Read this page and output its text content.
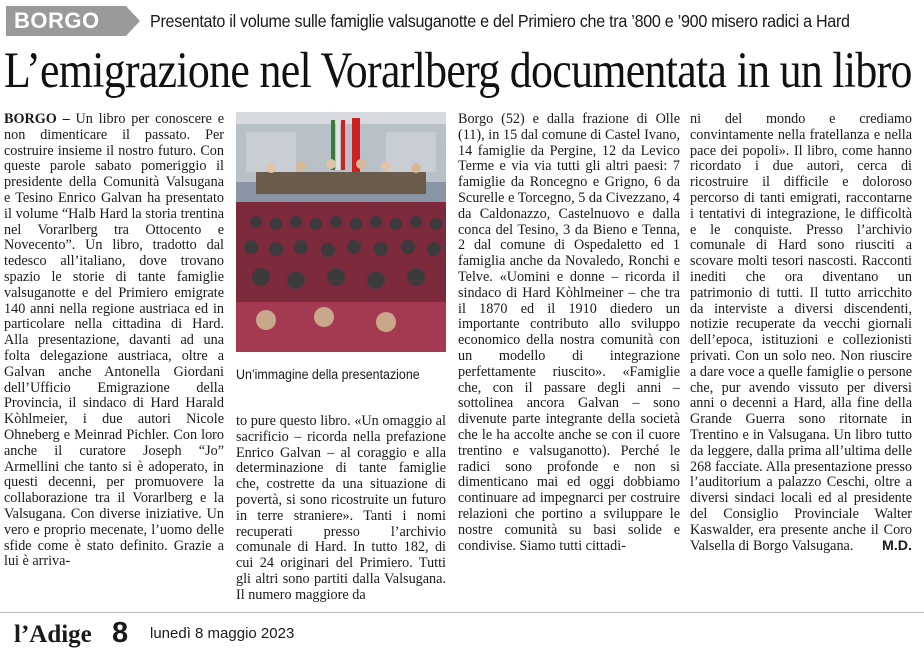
BORGO	Presentato il volume sulle famiglie valsuganotte e del Primiero che tra ’800 e ’900 misero radici a Hard
L’emigrazione nel Vorarlberg documentata in un libro

BORGO – Un libro per conoscere e non dimenticare il passato. Per costruire insieme il nostro futuro. Con queste parole sabato pomeriggio il presidente della Comunità Valsugana e Tesino Enrico Galvan ha presentato il volume “Halb Hard la storia trentina nel Vorarlberg tra Ottocento e Novecento”. Un libro, tradotto dal tedesco all’italiano, dove trovano spazio le storie di tante famiglie valsuganotte e del Primiero emigrate 140 anni nella regione austriaca ed in particolare nella cittadina di Hard. Alla presentazione, davanti ad una folta delegazione austriaca, oltre a Galvan anche Antonella Giordani dell’Ufficio Emigrazione della Provincia, il sindaco di Hard Harald Kòhlmeier, i due autori Nicole Ohneberg e Meinrad Pichler. Con loro anche il curatore Joseph “Jo” Armellini che tanto si è adoperato, in questi decenni, per promuovere la collaborazione tra il Vorarlberg e la Valsugana. Con diverse iniziative. Un vero e proprio mecenate, l’uomo delle sfide come è stato definito. Grazie a lui è arriva-

Un’immagine della presentazione

to pure questo libro. «Un omaggio al sacrificio – ricorda nella prefazione Enrico Galvan – al coraggio e alla determinazione di tante famiglie che, costrette da una situazione di povertà, si sono ricostruite un futuro in terre straniere». Tanti i nomi recuperati presso l’archivio comunale di Hard. In tutto 182, di cui 24 originari del Primiero. Tutti gli altri sono partiti dalla Valsugana. Il numero maggiore da

Borgo (52) e dalla frazione di Olle (11), in 15 dal comune di Castel Ivano, 14 famiglie da Pergine, 12 da Levico Terme e via via tutti gli altri paesi: 7 famiglie da Roncegno e Grigno, 6 da Scurelle e Torcegno, 5 da Civezzano, 4 da Caldonazzo, Castelnuovo e dalla conca del Tesino, 3 da Bieno e Tenna, 2 dal comune di Ospedaletto ed 1 famiglia anche da Novaledo, Ronchi e Telve. «Uomini e donne – ricorda il sindaco di Hard Kòhlmeiner – che tra il 1870 ed il 1910 diedero un importante contributo allo sviluppo economico della nostra comunità con un modello di integrazione perfettamente riuscito». «Famiglie che, con il passare degli anni – sottolinea ancora Galvan – sono divenute parte integrante della società che le ha accolte anche se con il cuore trentino e valsuganotto). Perché le radici sono profonde e non si dimenticano mai ed oggi dobbiamo continuare ad impegnarci per costruire relazioni che portino a sviluppare le nostre comunità su basi solide e condivise. Siamo tutti cittadi-

ni del mondo e crediamo convintamente nella fratellanza e nella pace dei popoli». Il libro, come hanno ricordato i due autori, cerca di ricostruire il difficile e doloroso percorso di tanti emigrati, raccontarne i tentativi di integrazione, le difficoltà e le conquiste. Presso l’archivio comunale di Hard sono riusciti a scovare molti tesori nascosti. Racconti inediti che ora diventano un patrimonio di tutti. Il tutto arricchito da interviste a diversi discendenti, notizie recuperate da vecchi giornali dell’epoca, istituzioni e collezionisti privati. Con un solo neo. Non riuscire a dare voce a quelle famiglie o persone che, pur avendo vissuto per diversi anni o decenni a Hard, alla fine della Grande Guerra sono ritornate in Trentino e in Valsugana. Un libro tutto da leggere, dalla prima all’ultima delle 268 facciate. Alla presentazione presso l’auditorium a palazzo Ceschi, oltre a diversi sindaci locali ed al presidente del Consiglio Provinciale Walter Kaswalder, era presente anche il Coro Valsella di Borgo Valsugana. M.D.

l’Adige 8 lunedì 8 maggio 2023
